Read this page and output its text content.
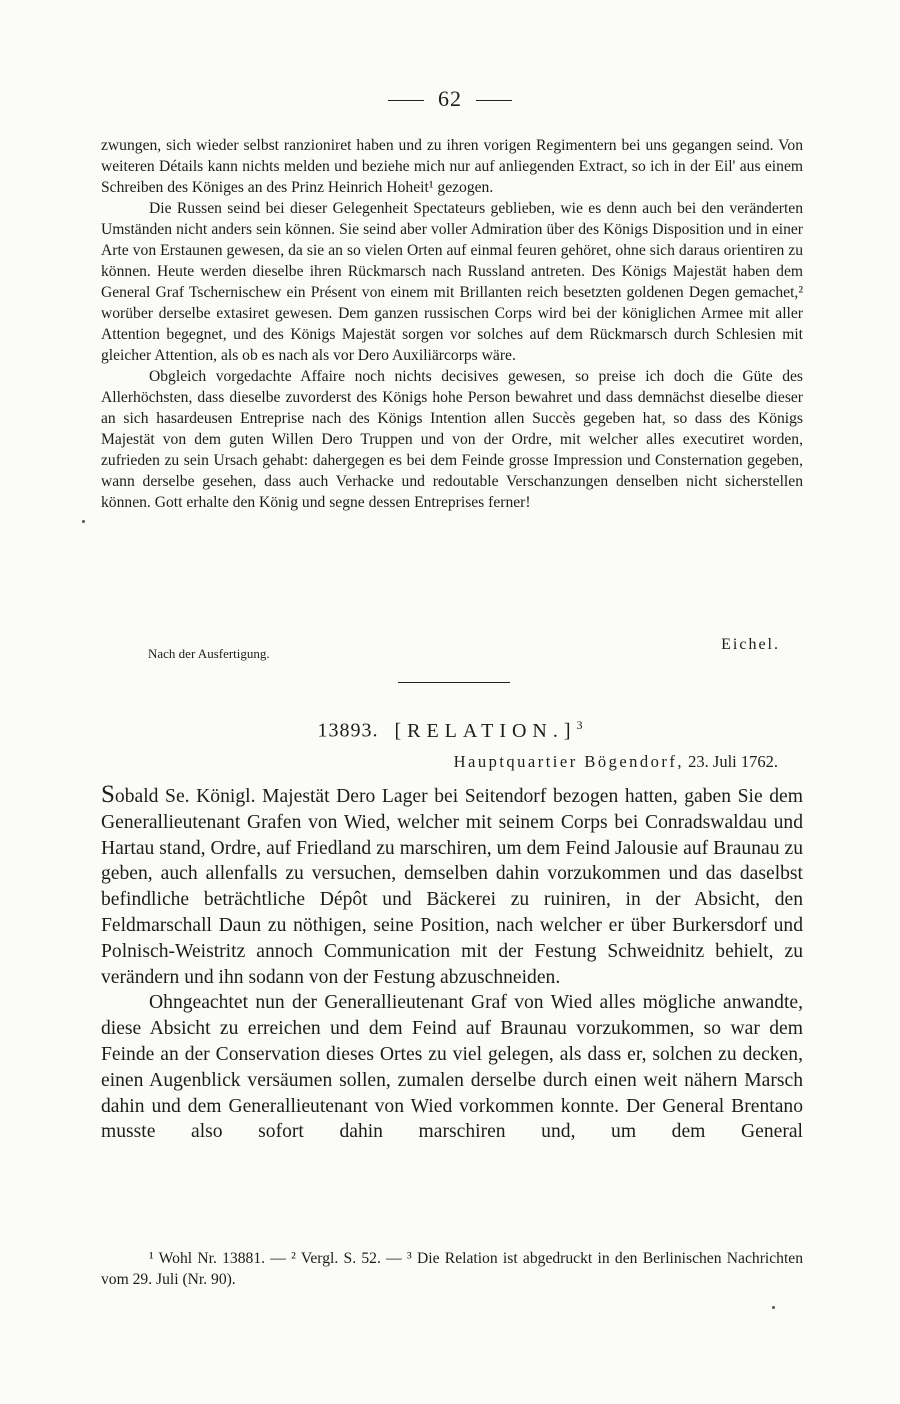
62

zwungen, sich wieder selbst ranzioniret haben und zu ihren vorigen Regimentern bei uns gegangen seind. Von weiteren Détails kann nichts melden und beziehe mich nur auf anliegenden Extract, so ich in der Eil' aus einem Schreiben des Königes an des Prinz Heinrich Hoheit¹ gezogen.

Die Russen seind bei dieser Gelegenheit Spectateurs geblieben, wie es denn auch bei den veränderten Umständen nicht anders sein können. Sie seind aber voller Admiration über des Königs Disposition und in einer Arte von Erstaunen gewesen, da sie an so vielen Orten auf einmal feuren gehöret, ohne sich daraus orientiren zu können. Heute werden dieselbe ihren Rückmarsch nach Russland antreten. Des Königs Majestät haben dem General Graf Tschernischew ein Présent von einem mit Brillanten reich besetzten goldenen Degen gemachet,² worüber derselbe extasiret gewesen. Dem ganzen russischen Corps wird bei der königlichen Armee mit aller Attention begegnet, und des Königs Majestät sorgen vor solches auf dem Rückmarsch durch Schlesien mit gleicher Attention, als ob es nach als vor Dero Auxiliärcorps wäre.

Obgleich vorgedachte Affaire noch nichts decisives gewesen, so preise ich doch die Güte des Allerhöchsten, dass dieselbe zuvorderst des Königs hohe Person bewahret und dass demnächst dieselbe dieser an sich hasardeusen Entreprise nach des Königs Intention allen Succès gegeben hat, so dass des Königs Majestät von dem guten Willen Dero Truppen und von der Ordre, mit welcher alles executiret worden, zufrieden zu sein Ursach gehabt: dahergegen es bei dem Feinde grosse Impression und Consternation gegeben, wann derselbe gesehen, dass auch Verhacke und redoutable Verschanzungen denselben nicht sicherstellen können. Gott erhalte den König und segne dessen Entreprises ferner!

Nach der Ausfertigung.
Eichel.
13893. [RELATION.]$^3$
Hauptquartier Bögendorf, 23. Juli 1762.

Sobald Se. Königl. Majestät Dero Lager bei Seitendorf bezogen hatten, gaben Sie dem Generallieutenant Grafen von Wied, welcher mit seinem Corps bei Conradswaldau und Hartau stand, Ordre, auf Friedland zu marschiren, um dem Feind Jalousie auf Braunau zu geben, auch allenfalls zu versuchen, demselben dahin vorzukommen und das daselbst befindliche beträchtliche Dépôt und Bäckerei zu ruiniren, in der Absicht, den Feldmarschall Daun zu nöthigen, seine Position, nach welcher er über Burkersdorf und Polnisch-Weistritz annoch Communication mit der Festung Schweidnitz behielt, zu verändern und ihn sodann von der Festung abzuschneiden.

Ohngeachtet nun der Generallieutenant Graf von Wied alles mögliche anwandte, diese Absicht zu erreichen und dem Feind auf Braunau vorzukommen, so war dem Feinde an der Conservation dieses Ortes zu viel gelegen, als dass er, solchen zu decken, einen Augenblick versäumen sollen, zumalen derselbe durch einen weit nähern Marsch dahin und dem Generallieutenant von Wied vorkommen konnte. Der General Brentano musste also sofort dahin marschiren und, um dem General

¹ Wohl Nr. 13881. — ² Vergl. S. 52. — ³ Die Relation ist abgedruckt in den Berlinischen Nachrichten vom 29. Juli (Nr. 90).
